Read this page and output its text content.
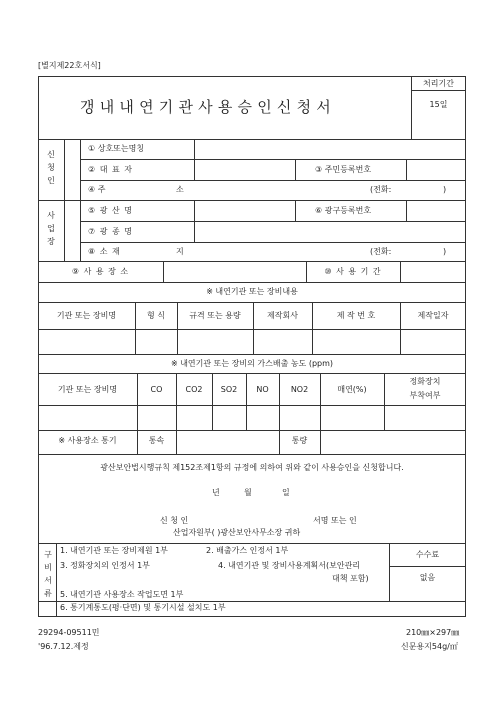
[별지제22호서식]
갱내내연기관사용승인신청서
처리기간
15일
신청인
사업장
① 상호또는명칭
② 대 표 자	③ 주민등록번호
④ 주	소	(전화:	)
⑤ 광 산 명	⑥ 광구등록번호
⑦ 광 종 명
⑧ 소 재	지	(전화:	)
⑨ 사 용 장 소	⑩ 사 용 기 간
※ 내연기관 또는 장비내용
기관 또는 장비명	형 식	규격 또는 용량	제작회사	제 작 번 호	제작일자
※ 내연기관 또는 장비의 가스배출 농도 (ppm)
기관 또는 장비명	CO	CO2	SO2	NO	NO2	매연(%)
정화장치
부착여부
※ 사용장소 통기	통속	통량
광산보안법시행규칙 제152조제1항의 규정에 의하여 위와 같이 사용승인을 신청합니다.
년	월	일
신 청 인	서명 또는 인
산업자원부( )광산보안사무소장 귀하
구비서류
1. 내연기관 또는 장비제원 1부	2. 배출가스 인정서 1부
3. 정화장치의 인정서 1부	4. 내연기관 및 장비사용계획서(보안관리
대책 포함)
5. 내연기관 사용장소 작업도면 1부
6. 통기계통도(평·단면) 및 통기시설 설치도 1부
수수료
없음
29294-09511민
'96.7.12.제정
210㎜×297㎜
신문용지54g/㎡
